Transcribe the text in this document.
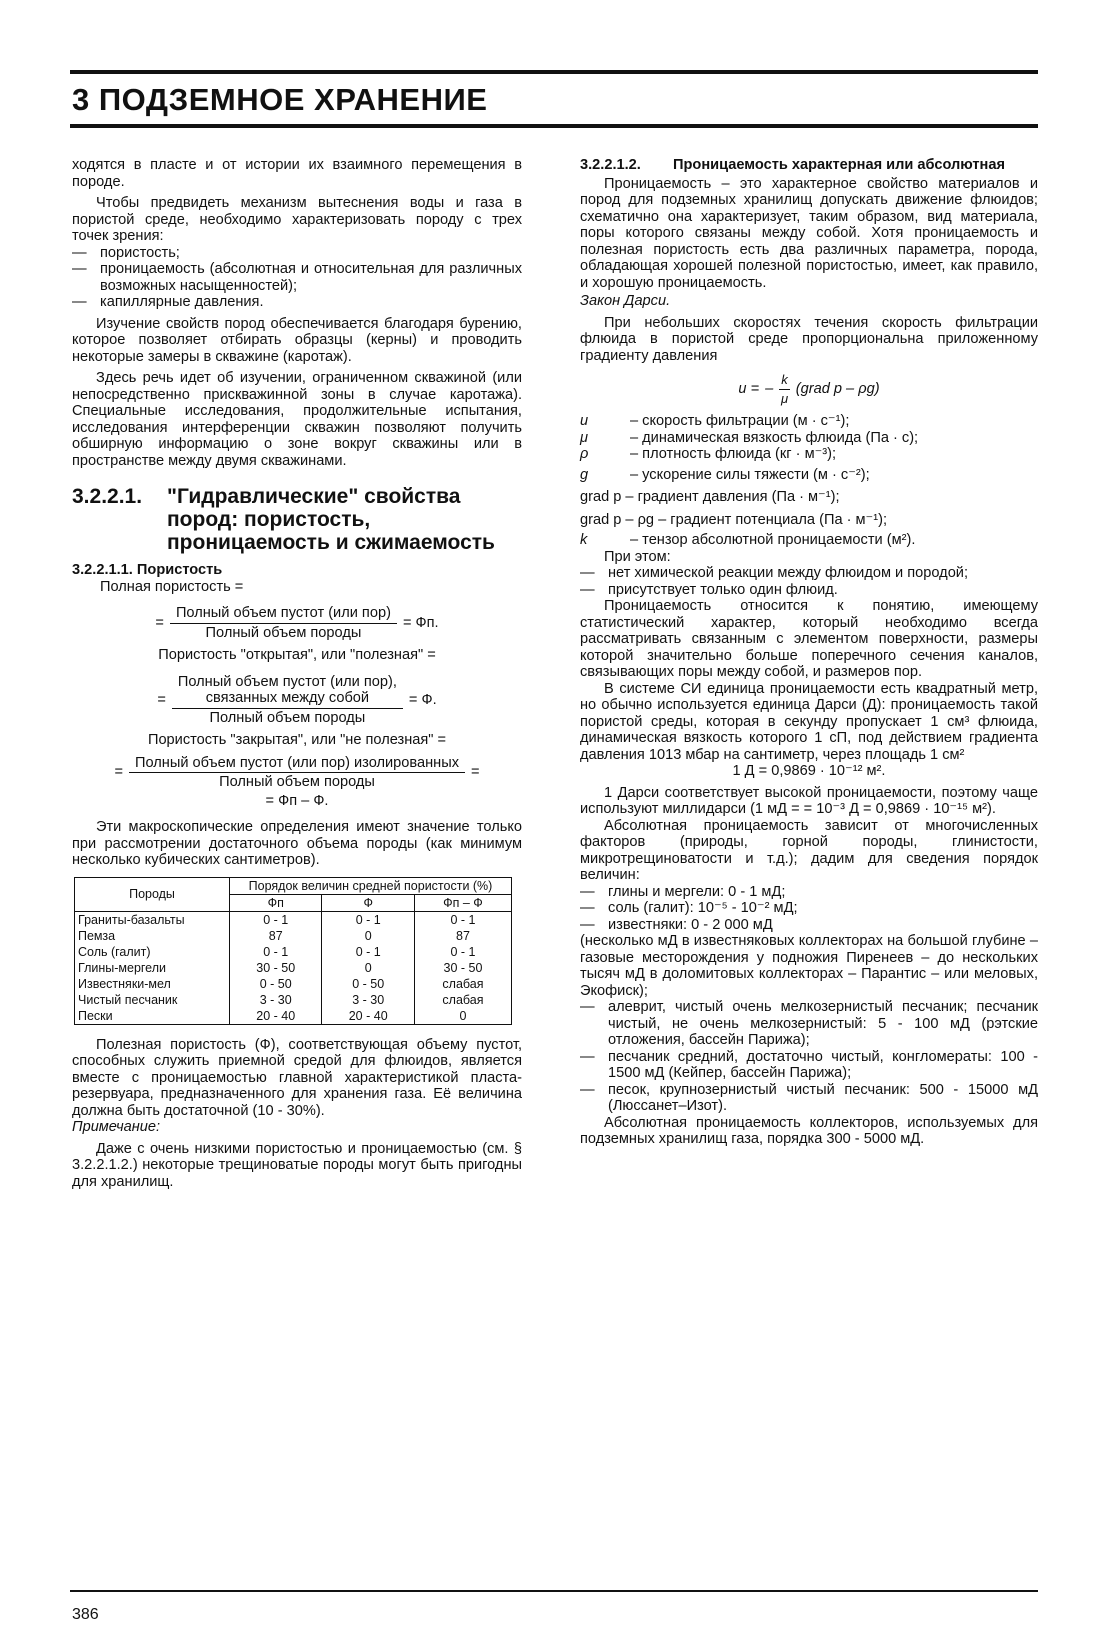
3 ПОДЗЕМНОЕ ХРАНЕНИЕ

ходятся в пласте и от истории их взаимного перемещения в породе.

Чтобы предвидеть механизм вытеснения воды и газа в пористой среде, необходимо характеризовать породу с трех точек зрения:

— пористость;
— проницаемость (абсолютная и относительная для различных возможных насыщенностей);
— капиллярные давления.

Изучение свойств пород обеспечивается благодаря бурению, которое позволяет отбирать образцы (керны) и проводить некоторые замеры в скважине (каротаж).

Здесь речь идет об изучении, ограниченном скважиной (или непосредственно прискважинной зоны в случае каротажа). Специальные исследования, продолжительные испытания, исследования интерференции скважин позволяют получить обширную информацию о зоне вокруг скважины или в пространстве между двумя скважинами.

3.2.2.1.	"Гидравлические" свойства пород: пористость, проницаемость и сжимаемость
3.2.2.1.1. Пористость

Полная пористость =

= $\frac{\text{Полный объем пустот (или пор)}}{\text{Полный объем породы}}$ = Фп.

Пористость "открытая", или "полезная" =

= Полный объем пустот (или пор),
связанных между собой
Полный объем породы = Ф.

Пористость "закрытая", или "не полезная" =

= $\frac{\text{Полный объем пустот (или пор) изолированных}}{\text{Полный объем породы}}$ =

= Фп – Ф.

Эти макроскопические определения имеют значение только при рассмотрении достаточного объема породы (как минимум несколько кубических сантиметров).

Породы	Порядок величин средней пористости (%)		
	Фп	Ф	Фп – Ф
Граниты-базальты	0 - 1	0 - 1	0 - 1
Пемза	87	0	87
Соль (галит)	0 - 1	0 - 1	0 - 1
Глины-мергели	30 - 50	0	30 - 50
Известняки-мел	0 - 50	0 - 50	слабая
Чистый песчаник	3 - 30	3 - 30	слабая
Пески	20 - 40	20 - 40	0

Полезная пористость (Ф), соответствующая объему пустот, способных служить приемной средой для флюидов, является вместе с проницаемостью главной характеристикой пласта-резервуара, предназначенного для хранения газа. Её величина должна быть достаточной (10 - 30%).

Примечание:

Даже с очень низкими пористостью и проницаемостью (см. § 3.2.2.1.2.) некоторые трещиноватые породы могут быть пригодны для хранилищ.

3.2.2.1.2.	Проницаемость характерная или абсолютная

Проницаемость – это характерное свойство материалов и пород для подземных хранилищ допускать движение флюидов; схематично она характеризует, таким образом, вид материала, поры которого связаны между собой. Хотя проницаемость и полезная пористость есть два различных параметра, порода, обладающая хорошей полезной пористостью, имеет, как правило, и хорошую проницаемость.

Закон Дарси.

При небольших скоростях течения скорость фильтрации флюида в пористой среде пропорциональна приложенному градиенту давления

u = – $\frac{k}{\mu}$ (grad p – ρg)
u	– скорость фильтрации (м · с⁻¹);
μ	– динамическая вязкость флюида (Па · с);
ρ	– плотность флюида (кг · м⁻³);
g	– ускорение силы тяжести (м · с⁻²);

grad p – градиент давления (Па · м⁻¹);

grad p – ρg – градиент потенциала (Па · м⁻¹);

k	– тензор абсолютной проницаемости (м²).

При этом:

— нет химической реакции между флюидом и породой;
— присутствует только один флюид.

Проницаемость относится к понятию, имеющему статистический характер, который необходимо всегда рассматривать связанным с элементом поверхности, размеры которой значительно больше поперечного сечения каналов, связывающих поры между собой, и размеров пор.

В системе СИ единица проницаемости есть квадратный метр, но обычно используется единица Дарси (Д): проницаемость такой пористой среды, которая в секунду пропускает 1 см³ флюида, динамическая вязкость которого 1 сП, под действием градиента давления 1013 мбар на сантиметр, через площадь 1 см²

1 Д = 0,9869 · 10⁻¹² м².

1 Дарси соответствует высокой проницаемости, поэтому чаще используют миллидарси (1 мД = = 10⁻³ Д = 0,9869 · 10⁻¹⁵ м²).

Абсолютная проницаемость зависит от многочисленных факторов (природы, горной породы, глинистости, микротрещиноватости и т.д.); дадим для сведения порядок величин:

— глины и мергели: 0 - 1 мД;
— соль (галит): 10⁻⁵ - 10⁻² мД;
— известняки: 0 - 2 000 мД

(несколько мД в известняковых коллекторах на большой глубине – газовые месторождения у подножия Пиренеев – до нескольких тысяч мД в доломитовых коллекторах – Парантис – или меловых, Экофиск);

— алеврит, чистый очень мелкозернистый песчаник; песчаник чистый, не очень мелкозернистый: 5 - 100 мД (рэтские отложения, бассейн Парижа);
— песчаник средний, достаточно чистый, конгломераты: 100 - 1500 мД (Кейпер, бассейн Парижа);
— песок, крупнозернистый чистый песчаник: 500 - 15000 мД (Люссанет–Изот).

Абсолютная проницаемость коллекторов, используемых для подземных хранилищ газа, порядка 300 - 5000 мД.

386
